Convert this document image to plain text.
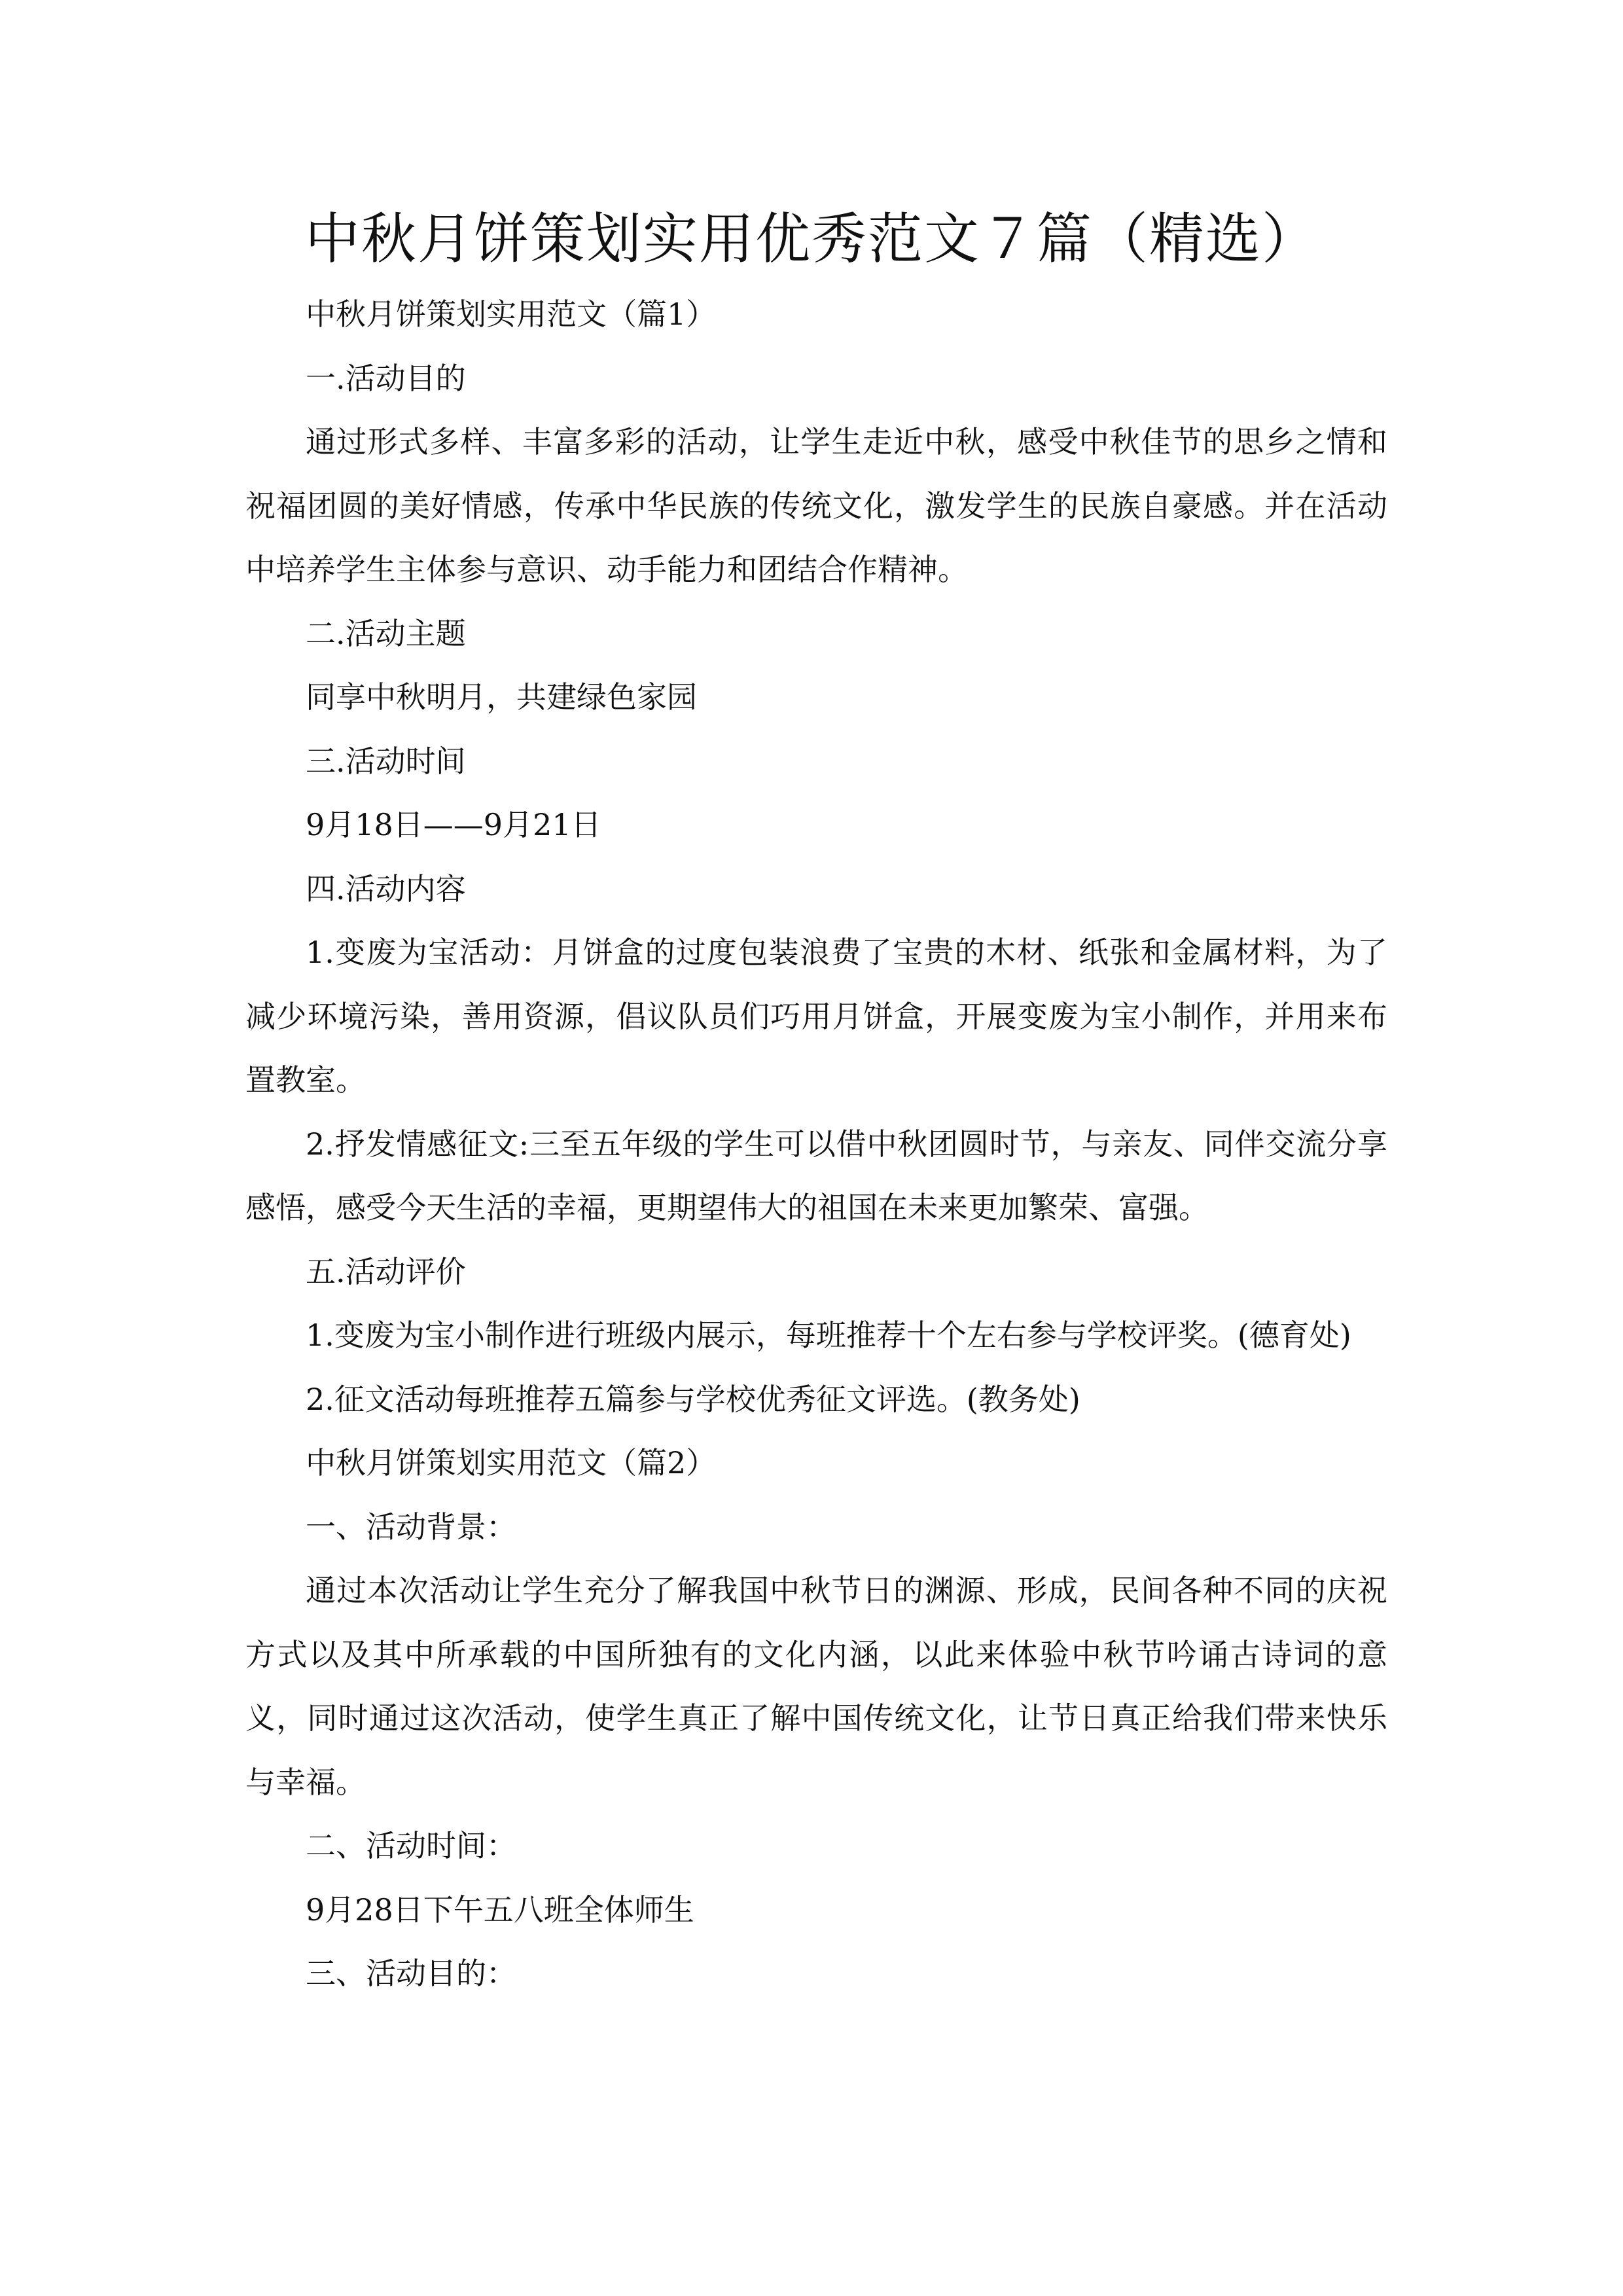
中秋月饼策划实用优秀范文７篇（精选）

中秋月饼策划实用范文（篇1）

一.活动目的

通过形式多样、丰富多彩的活动，让学生走近中秋，感受中秋佳节的思乡之情和祝福团圆的美好情感，传承中华民族的传统文化，激发学生的民族自豪感。并在活动中培养学生主体参与意识、动手能力和团结合作精神。

二.活动主题

同享中秋明月，共建绿色家园

三.活动时间

9月18日——9月21日

四.活动内容

1.变废为宝活动：月饼盒的过度包装浪费了宝贵的木材、纸张和金属材料，为了减少环境污染，善用资源，倡议队员们巧用月饼盒，开展变废为宝小制作，并用来布置教室。

2.抒发情感征文:三至五年级的学生可以借中秋团圆时节，与亲友、同伴交流分享感悟，感受今天生活的幸福，更期望伟大的祖国在未来更加繁荣、富强。

五.活动评价

1.变废为宝小制作进行班级内展示，每班推荐十个左右参与学校评奖。(德育处)

2.征文活动每班推荐五篇参与学校优秀征文评选。(教务处)

中秋月饼策划实用范文（篇2）

一、活动背景：

通过本次活动让学生充分了解我国中秋节日的渊源、形成，民间各种不同的庆祝方式以及其中所承载的中国所独有的文化内涵，以此来体验中秋节吟诵古诗词的意义，同时通过这次活动，使学生真正了解中国传统文化，让节日真正给我们带来快乐与幸福。

二、活动时间：

9月28日下午五八班全体师生

三、活动目的：
